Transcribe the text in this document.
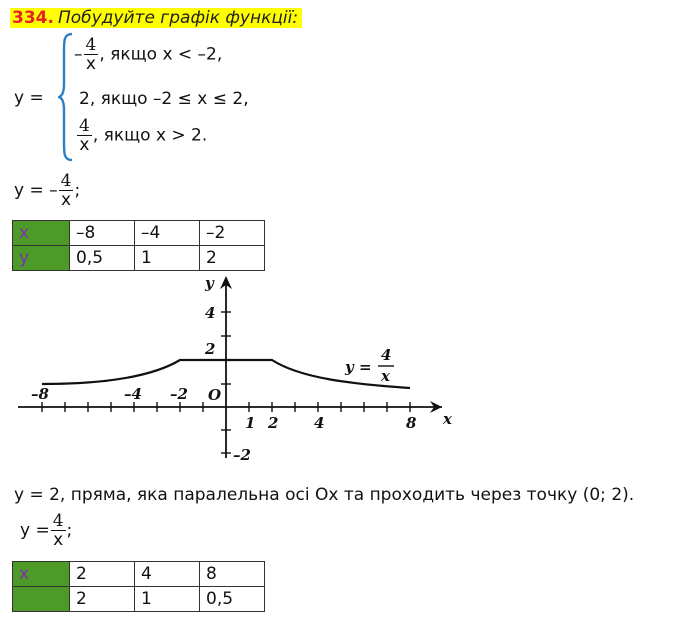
334. Побудуйте графік функції:
y =
– $\frac{4}{x}$ , якщо x < –2,
2, якщо –2 ≤ x ≤ 2,
$\frac{4}{x}$ , якщо x > 2.
y = – $\frac{4}{x}$ ;
x	–8	–4	–2
y	0,5	1	2
y
x
O
–8	–4 –2
1 2 4	8
4
2
–2
y =
4
x
y = 2, пряма, яка паралельна осі Ох та проходить через точку (0; 2).
$y = \frac{4}{x}$ ;
x	2	4	8
	2	1	0,5
